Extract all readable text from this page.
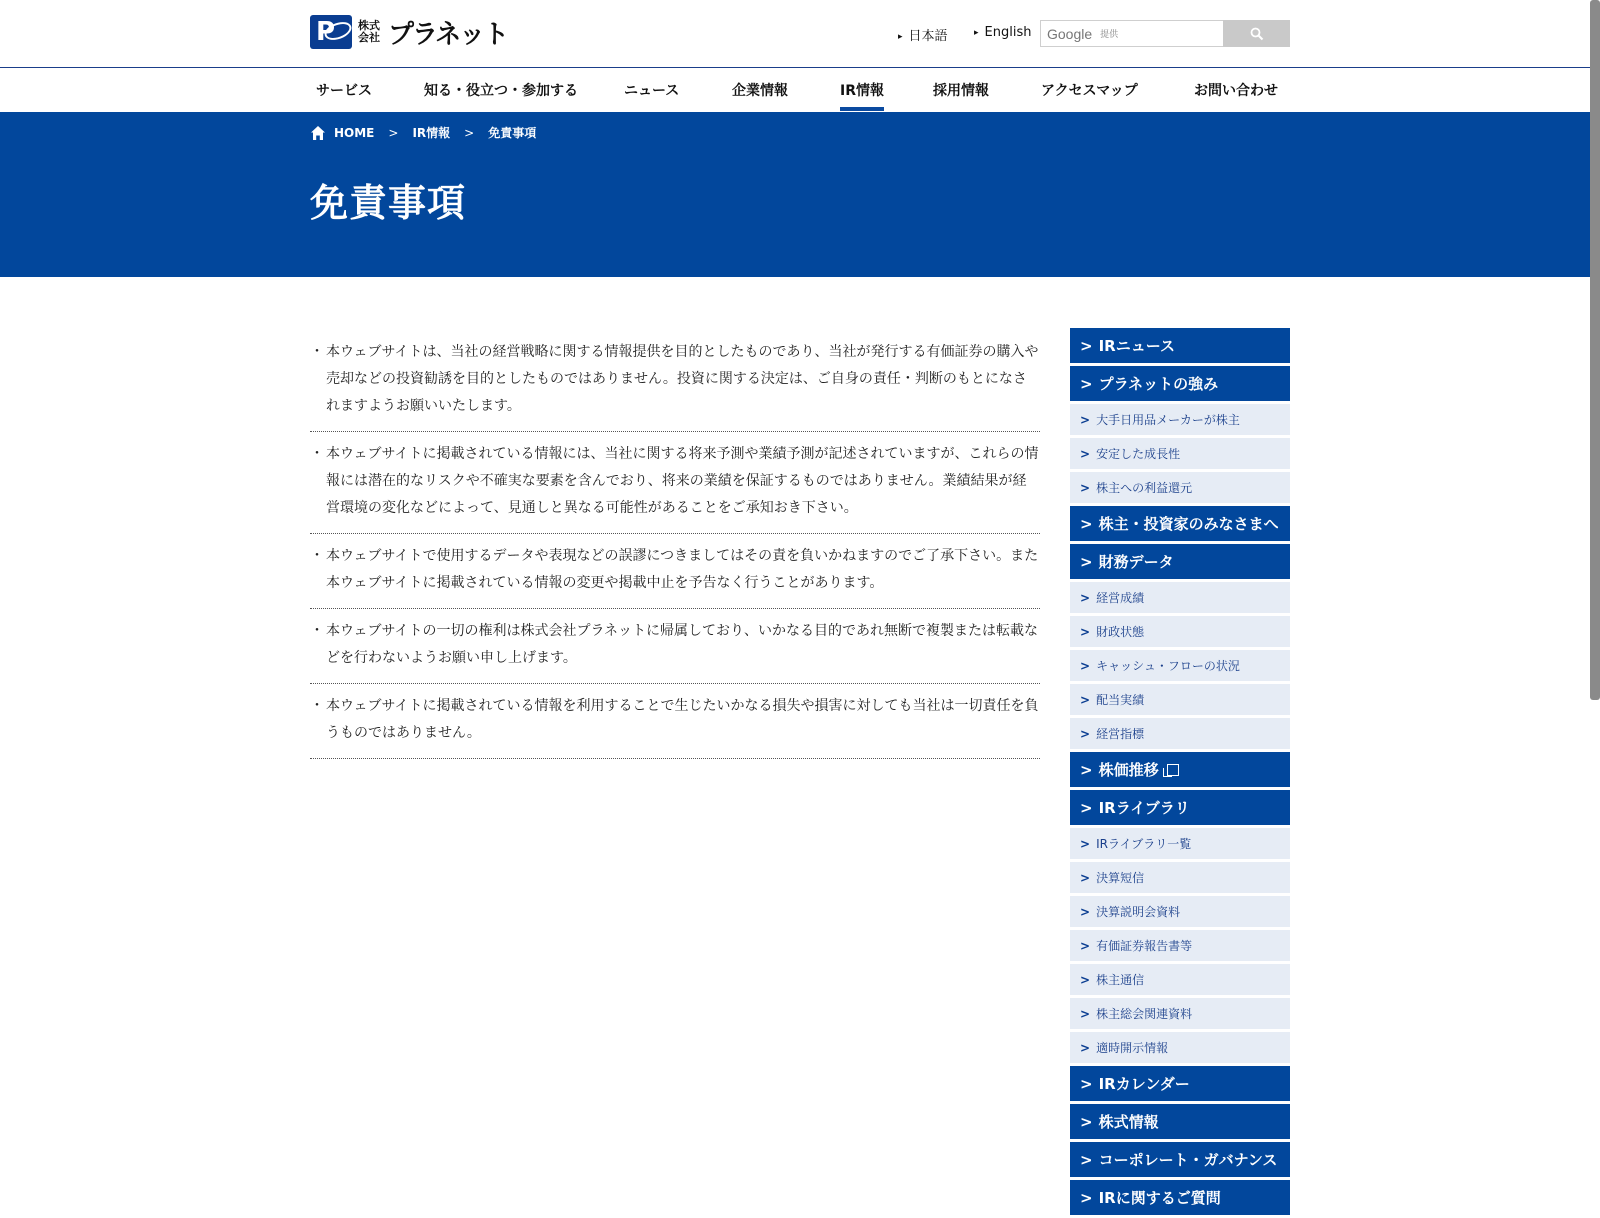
P 株式会社 プラネット	▸ 日本語	▸ English Google 提供
サービス	知る・役立つ・参加する	ニュース	企業情報	IR情報	採用情報	アクセスマップ	お問い合わせ
HOME > IR情報 > 免責事項
免責事項

・ 本ウェブサイトは、当社の経営戦略に関する情報提供を目的としたものであり、当社が発行する有価証券の購入や売却などの投資勧誘を目的としたものではありません。投資に関する決定は、ご自身の責任・判断のもとになされますようお願いいたします。

・ 本ウェブサイトに掲載されている情報には、当社に関する将来予測や業績予測が記述されていますが、これらの情報には潜在的なリスクや不確実な要素を含んでおり、将来の業績を保証するものではありません。業績結果が経営環境の変化などによって、見通しと異なる可能性があることをご承知おき下さい。

・ 本ウェブサイトで使用するデータや表現などの誤謬につきましてはその責を負いかねますのでご了承下さい。また本ウェブサイトに掲載されている情報の変更や掲載中止を予告なく行うことがあります。

・ 本ウェブサイトの一切の権利は株式会社プラネットに帰属しており、いかなる目的であれ無断で複製または転載などを行わないようお願い申し上げます。

・ 本ウェブサイトに掲載されている情報を利用することで生じたいかなる損失や損害に対しても当社は一切責任を負うものではありません。

> IRニュース
> プラネットの強み
> 大手日用品メーカーが株主
> 安定した成長性
> 株主への利益還元
> 株主・投資家のみなさまへ
> 財務データ
> 経営成績
> 財政状態
> キャッシュ・フローの状況
> 配当実績
> 経営指標
> 株価推移
> IRライブラリ
> IRライブラリ一覧
> 決算短信
> 決算説明会資料
> 有価証券報告書等
> 株主通信
> 株主総会関連資料
> 適時開示情報
> IRカレンダー
> 株式情報
> コーポレート・ガバナンス
> IRに関するご質問
